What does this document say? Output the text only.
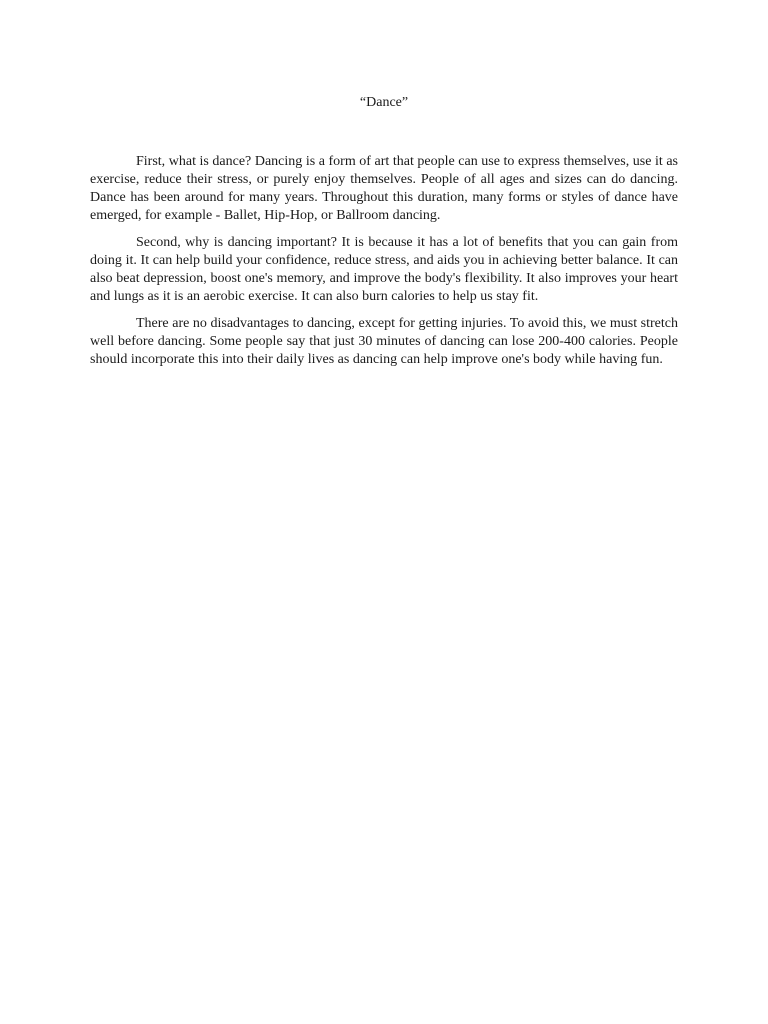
“Dance”

First, what is dance? Dancing is a form of art that people can use to express themselves, use it as exercise, reduce their stress, or purely enjoy themselves. People of all ages and sizes can do dancing. Dance has been around for many years. Throughout this duration, many forms or styles of dance have emerged, for example - Ballet, Hip-Hop, or Ballroom dancing.

Second, why is dancing important? It is because it has a lot of benefits that you can gain from doing it. It can help build your confidence, reduce stress, and aids you in achieving better balance. It can also beat depression, boost one's memory, and improve the body's flexibility. It also improves your heart and lungs as it is an aerobic exercise. It can also burn calories to help us stay fit.

There are no disadvantages to dancing, except for getting injuries. To avoid this, we must stretch well before dancing. Some people say that just 30 minutes of dancing can lose 200-400 calories. People should incorporate this into their daily lives as dancing can help improve one's body while having fun.
